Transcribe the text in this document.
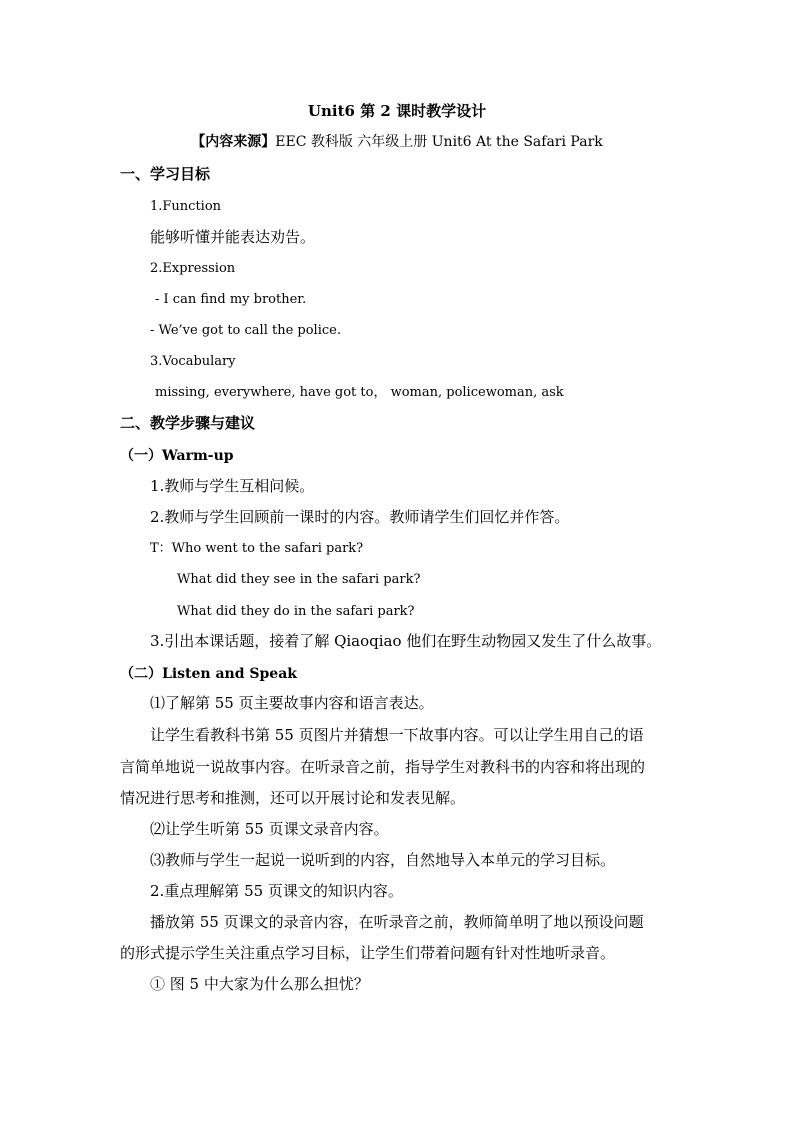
Unit6 第 2 课时教学设计
【内容来源】EEC 教科版 六年级上册 Unit6 At the Safari Park
一、学习目标
1.Function
能够听懂并能表达劝告。
2.Expression
- I can find my brother.
- We’ve got to call the police.
3.Vocabulary
missing, everywhere, have got to， woman, policewoman, ask
二、教学步骤与建议
（一）Warm-up
1.教师与学生互相问候。
2.教师与学生回顾前一课时的内容。教师请学生们回忆并作答。
T：Who went to the safari park?
What did they see in the safari park?
What did they do in the safari park?
3.引出本课话题，接着了解 Qiaoqiao 他们在野生动物园又发生了什么故事。
（二）Listen and Speak
⑴了解第 55 页主要故事内容和语言表达。
让学生看教科书第 55 页图片并猜想一下故事内容。可以让学生用自己的语
言简单地说一说故事内容。在听录音之前，指导学生对教科书的内容和将出现的
情况进行思考和推测，还可以开展讨论和发表见解。
⑵让学生听第 55 页课文录音内容。
⑶教师与学生一起说一说听到的内容，自然地导入本单元的学习目标。
2.重点理解第 55 页课文的知识内容。
播放第 55 页课文的录音内容，在听录音之前，教师简单明了地以预设问题
的形式提示学生关注重点学习目标，让学生们带着问题有针对性地听录音。
① 图 5 中大家为什么那么担忧？
